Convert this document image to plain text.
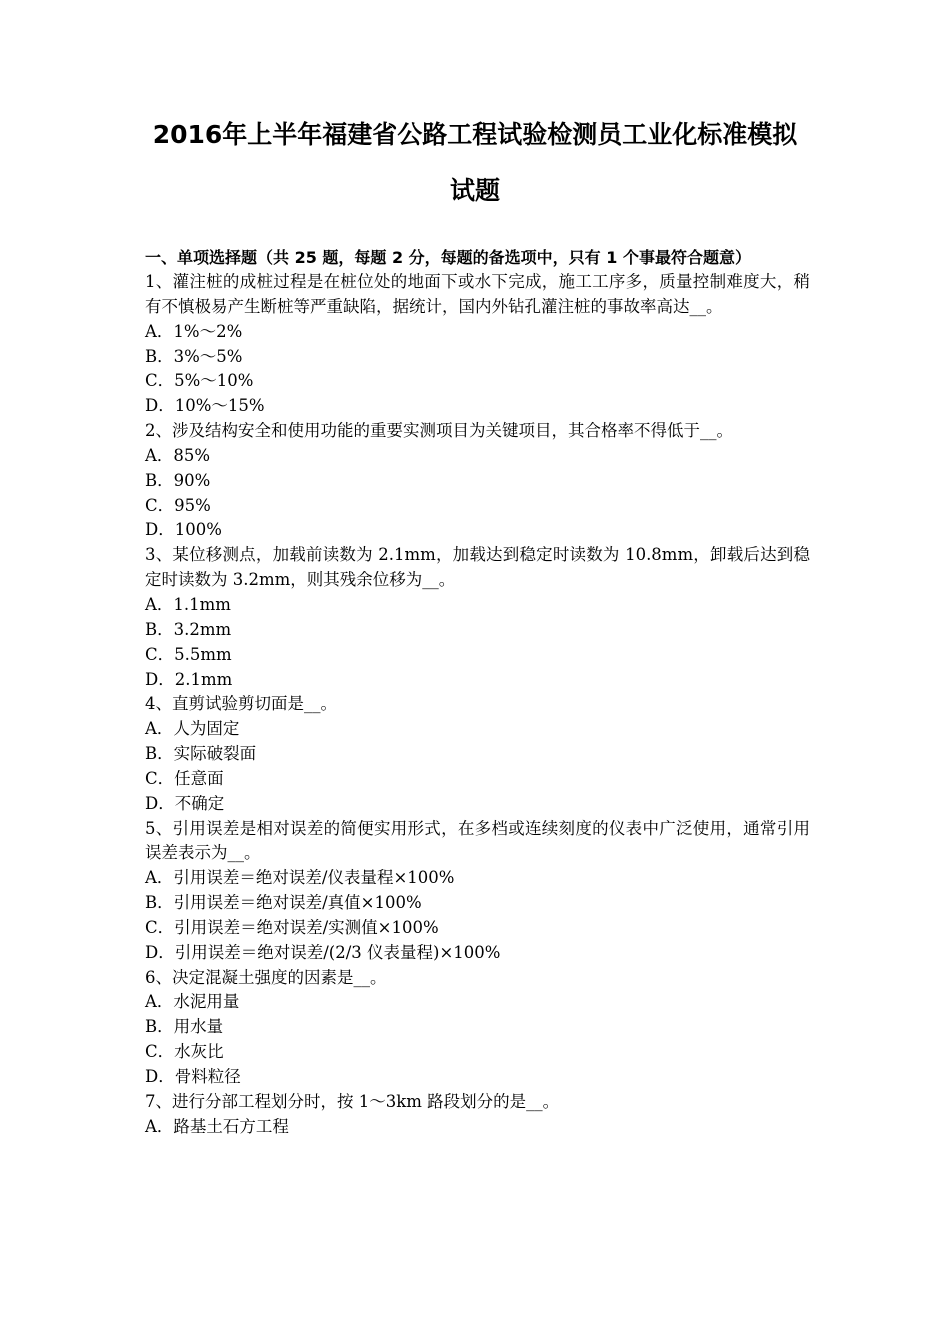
2016年上半年福建省公路工程试验检测员工业化标准模拟
试题

一、单项选择题（共 25 题，每题 2 分，每题的备选项中，只有 1 个事最符合题意）

1、灌注桩的成桩过程是在桩位处的地面下或水下完成，施工工序多，质量控制难度大，稍有不慎极易产生断桩等严重缺陷，据统计，国内外钻孔灌注桩的事故率高达__。

A．1%～2%

B．3%～5%

C．5%～10%

D．10%～15%

2、涉及结构安全和使用功能的重要实测项目为关键项目，其合格率不得低于__。

A．85%

B．90%

C．95%

D．100%

3、某位移测点，加载前读数为 2.1mm，加载达到稳定时读数为 10.8mm，卸载后达到稳定时读数为 3.2mm，则其残余位移为__。

A．1.1mm

B．3.2mm

C．5.5mm

D．2.1mm

4、直剪试验剪切面是__。

A．人为固定

B．实际破裂面

C．任意面

D．不确定

5、引用误差是相对误差的简便实用形式，在多档或连续刻度的仪表中广泛使用，通常引用误差表示为__。

A．引用误差＝绝对误差/仪表量程×100%

B．引用误差＝绝对误差/真值×100%

C．引用误差＝绝对误差/实测值×100%

D．引用误差＝绝对误差/(2/3 仪表量程)×100%

6、决定混凝土强度的因素是__。

A．水泥用量

B．用水量

C．水灰比

D．骨料粒径

7、进行分部工程划分时，按 1～3km 路段划分的是__。

A．路基土石方工程
